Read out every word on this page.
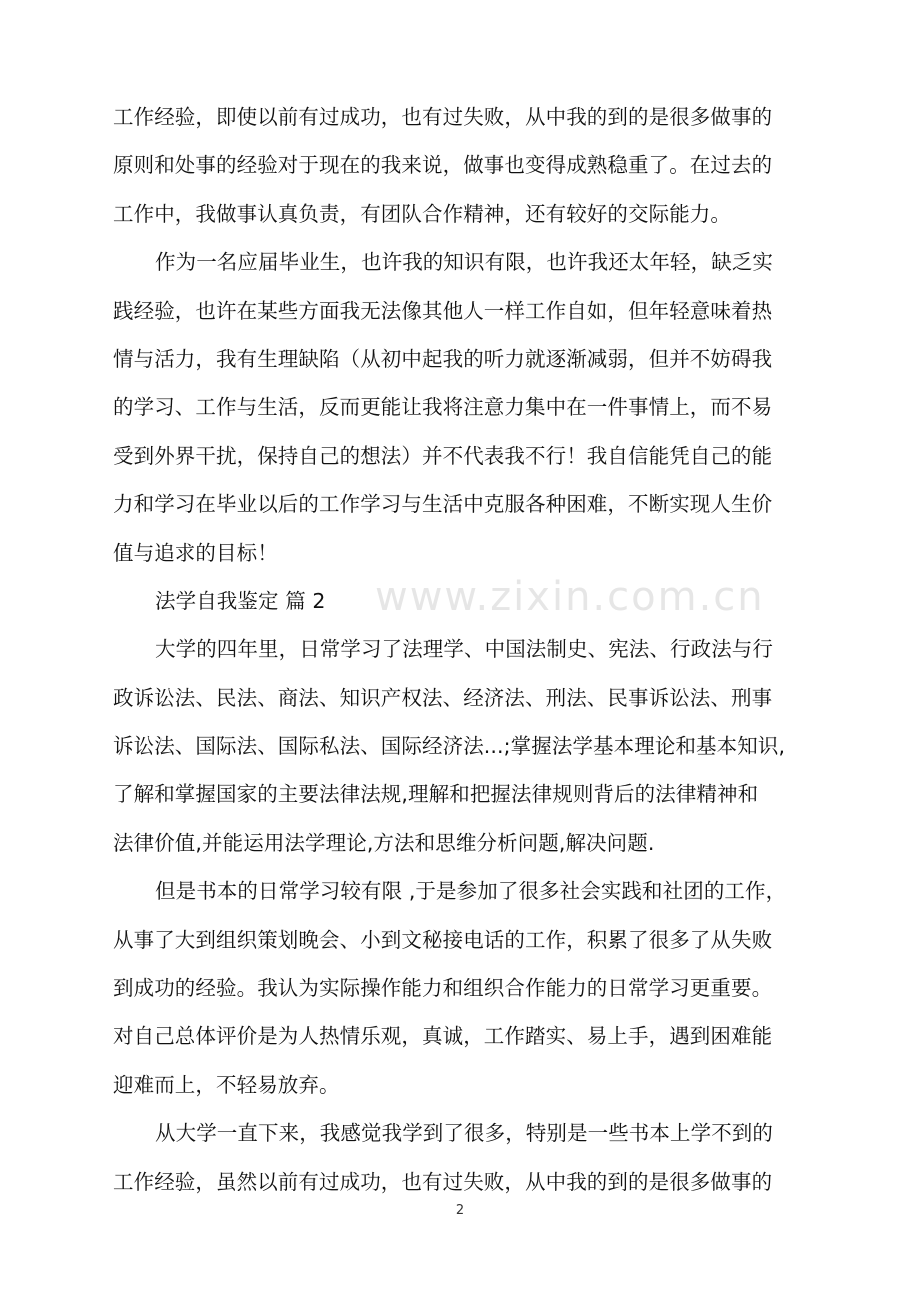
www.zixin.com.cn
工作经验，即使以前有过成功，也有过失败，从中我的到的是很多做事的
原则和处事的经验对于现在的我来说，做事也变得成熟稳重了。在过去的
工作中，我做事认真负责，有团队合作精神，还有较好的交际能力。
作为一名应届毕业生，也许我的知识有限，也许我还太年轻，缺乏实
践经验，也许在某些方面我无法像其他人一样工作自如，但年轻意味着热
情与活力，我有生理缺陷（从初中起我的听力就逐渐减弱，但并不妨碍我
的学习、工作与生活，反而更能让我将注意力集中在一件事情上，而不易
受到外界干扰，保持自己的想法）并不代表我不行！我自信能凭自己的能
力和学习在毕业以后的工作学习与生活中克服各种困难，不断实现人生价
值与追求的目标！
法学自我鉴定 篇 2
大学的四年里，日常学习了法理学、中国法制史、宪法、行政法与行
政诉讼法、民法、商法、知识产权法、经济法、刑法、民事诉讼法、刑事
诉讼法、国际法、国际私法、国际经济法...;掌握法学基本理论和基本知识,
了解和掌握国家的主要法律法规,理解和把握法律规则背后的法律精神和
法律价值,并能运用法学理论,方法和思维分析问题,解决问题.
但是书本的日常学习较有限 ,于是参加了很多社会实践和社团的工作，
从事了大到组织策划晚会、小到文秘接电话的工作，积累了很多了从失败
到成功的经验。我认为实际操作能力和组织合作能力的日常学习更重要。
对自己总体评价是为人热情乐观，真诚，工作踏实、易上手，遇到困难能
迎难而上，不轻易放弃。
从大学一直下来，我感觉我学到了很多，特别是一些书本上学不到的
工作经验，虽然以前有过成功，也有过失败，从中我的到的是很多做事的
2
